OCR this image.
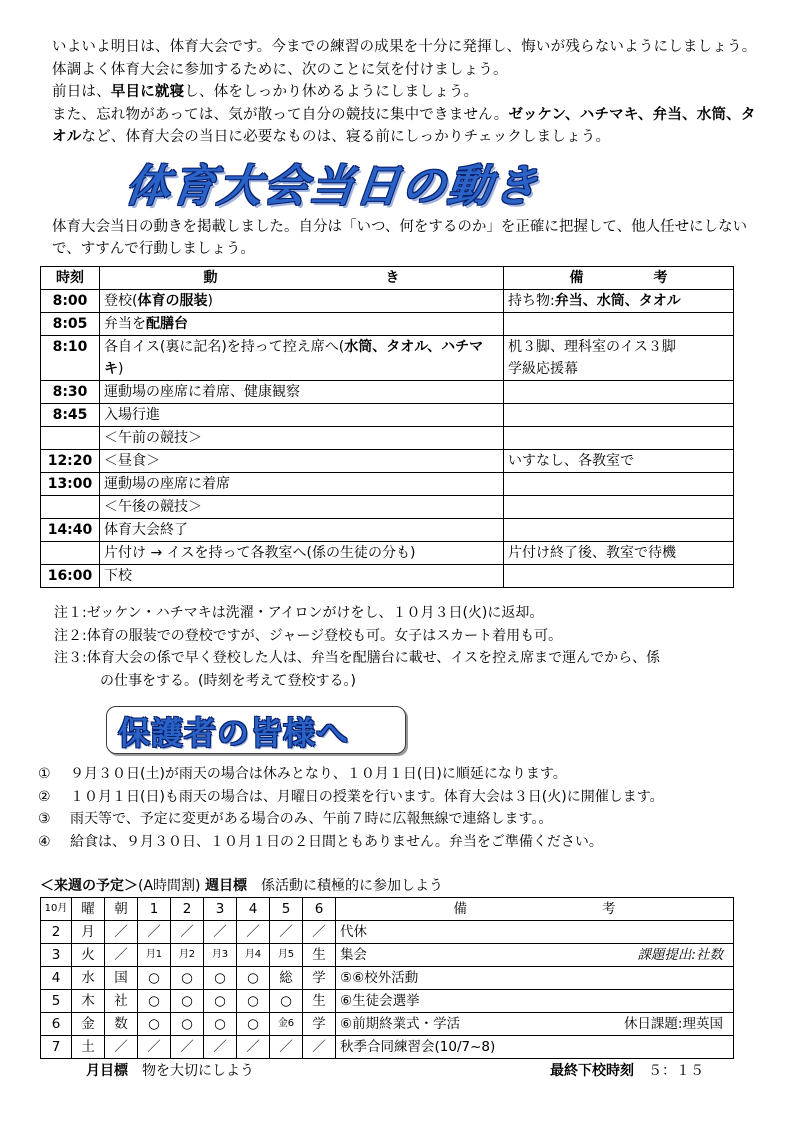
いよいよ明日は、体育大会です。今までの練習の成果を十分に発揮し、悔いが残らないようにしましょう。体調よく体育大会に参加するために、次のことに気を付けましょう。

前日は、早目に就寝し、体をしっかり休めるようにしましょう。

また、忘れ物があっては、気が散って自分の競技に集中できません。ゼッケン、ハチマキ、弁当、水筒、タオルなど、体育大会の当日に必要なものは、寝る前にしっかりチェックしましょう。

体育大会当日の動き

体育大会当日の動きを掲載しました。自分は「いつ、何をするのか」を正確に把握して、他人任せにしないで、すすんで行動しましょう。

時刻	動　　　　　　　　　　　　き	備　　　　　考
8:00	登校(体育の服装)	持ち物:弁当、水筒、タオル
8:05	弁当を配膳台	
8:10	各自イス(裏に記名)を持って控え席へ(水筒、タオル、ハチマキ)	机３脚、理科室のイス３脚
学級応援幕
8:30	運動場の座席に着席、健康観察	
8:45	入場行進	
	＜午前の競技＞	
12:20	＜昼食＞	いすなし、各教室で
13:00	運動場の座席に着席	
	＜午後の競技＞	
14:40	体育大会終了	
	片付け → イスを持って各教室へ(係の生徒の分も)	片付け終了後、教室で待機
16:00	下校	

注１:ゼッケン・ハチマキは洗濯・アイロンがけをし、１０月３日(火)に返却。

注２:体育の服装での登校ですが、ジャージ登校も可。女子はスカート着用も可。

注３:体育大会の係で早く登校した人は、弁当を配膳台に載せ、イスを控え席まで運んでから、係

の仕事をする。(時刻を考えて登校する。)

保護者の皆様へ

① ９月３０日(土)が雨天の場合は休みとなり、１０月１日(日)に順延になります。

② １０月１日(日)も雨天の場合は、月曜日の授業を行います。体育大会は３日(火)に開催します。

③ 雨天等で、予定に変更がある場合のみ、午前７時に広報無線で連絡します。。

④ 給食は、９月３０日、１０月１日の２日間ともありません。弁当をご準備ください。

＜来週の予定＞(A時間割) 週目標　係活動に積極的に参加しよう
10月	曜	朝	1	2	3	4	5	6	備　　　　　　　　　　考
2	月	／	／	／	／	／	／	／	代休

3	火	／	月1	月2	月3	月4	月5	生	集会 課題提出:社数

4	水	国	○	○	○	○	総	学	⑤⑥校外活動

5	木	社	○	○	○	○	○	生	⑥生徒会選挙

6	金	数	○	○	○	○	金6	学	⑥前期終業式・学活 休日課題:理英国

7	土	／	／	／	／	／	／	／	秋季合同練習会(10/7~8)
月目標　物を大切にしよう	最終下校時刻　５：１５
